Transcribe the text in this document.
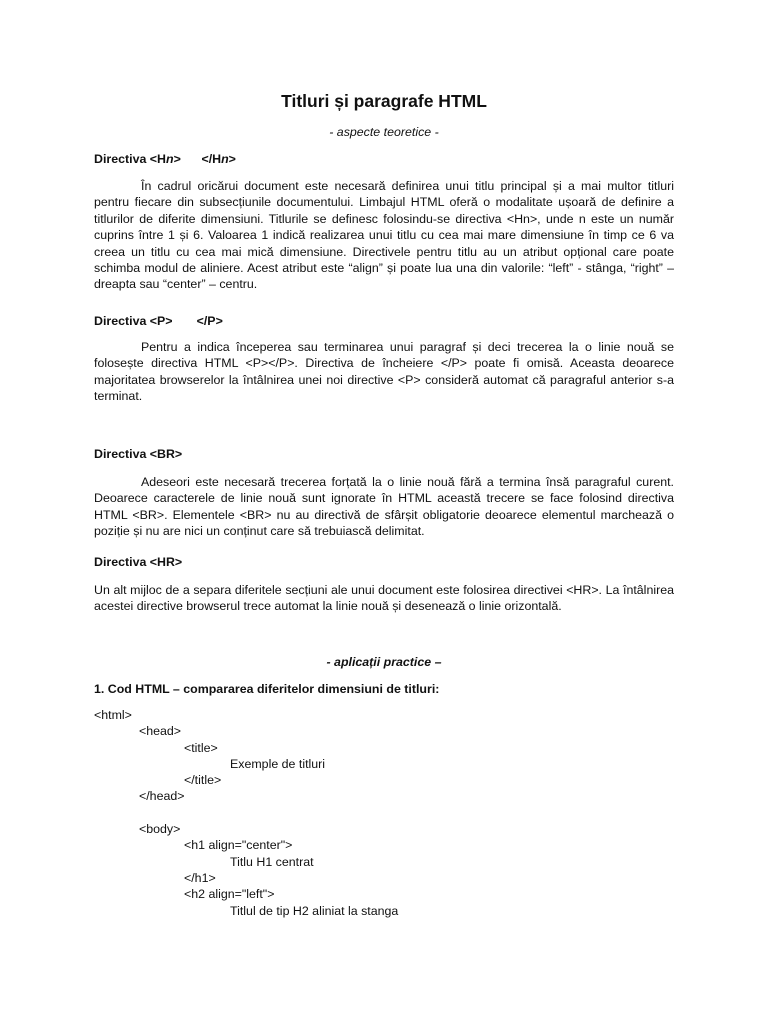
Titluri și paragrafe HTML
- aspecte teoretice -
Directiva <Hn>      </Hn>
În cadrul oricărui document este necesară definirea unui titlu principal și a mai multor titluri pentru fiecare din subsecțiunile documentului. Limbajul HTML oferă o modalitate ușoară de definire a titlurilor de diferite dimensiuni. Titlurile se definesc folosindu-se directiva <Hn>, unde n este un număr cuprins între 1 și 6. Valoarea 1 indică realizarea unui titlu cu cea mai mare dimensiune în timp ce 6 va creea un titlu cu cea mai mică dimensiune. Directivele pentru titlu au un atribut opțional care poate schimba modul de aliniere. Acest atribut este “align” și poate lua una din valorile: “left” - stânga, “right” – dreapta sau “center” – centru.
Directiva <P>       </P>
Pentru a indica începerea sau terminarea unui paragraf și deci trecerea la o linie nouă se folosește directiva HTML <P></P>. Directiva de încheiere </P> poate fi omisă. Aceasta deoarece majoritatea browserelor la întâlnirea unei noi directive <P> consideră automat că paragraful anterior s-a terminat.
Directiva <BR>
Adeseori este necesară trecerea forțată la o linie nouă fără a termina însă paragraful curent. Deoarece caracterele de linie nouă sunt ignorate în HTML această trecere se face folosind directiva HTML <BR>. Elementele <BR> nu au directivă de sfârșit obligatorie deoarece elementul marchează o poziție și nu are nici un conținut care să trebuiască delimitat.
Directiva <HR>
Un alt mijloc de a separa diferitele secțiuni ale unui document este folosirea directivei <HR>. La întâlnirea acestei directive browserul trece automat la linie nouă și desenează o linie orizontală.
- aplicații practice –
1. Cod HTML – compararea diferitelor dimensiuni de titluri:
<html>
<head>
<title>
Exemple de titluri
</title>
</head>
<body>
<h1 align="center">
Titlu H1 centrat
</h1>
<h2 align="left">
Titlul de tip H2 aliniat la stanga
